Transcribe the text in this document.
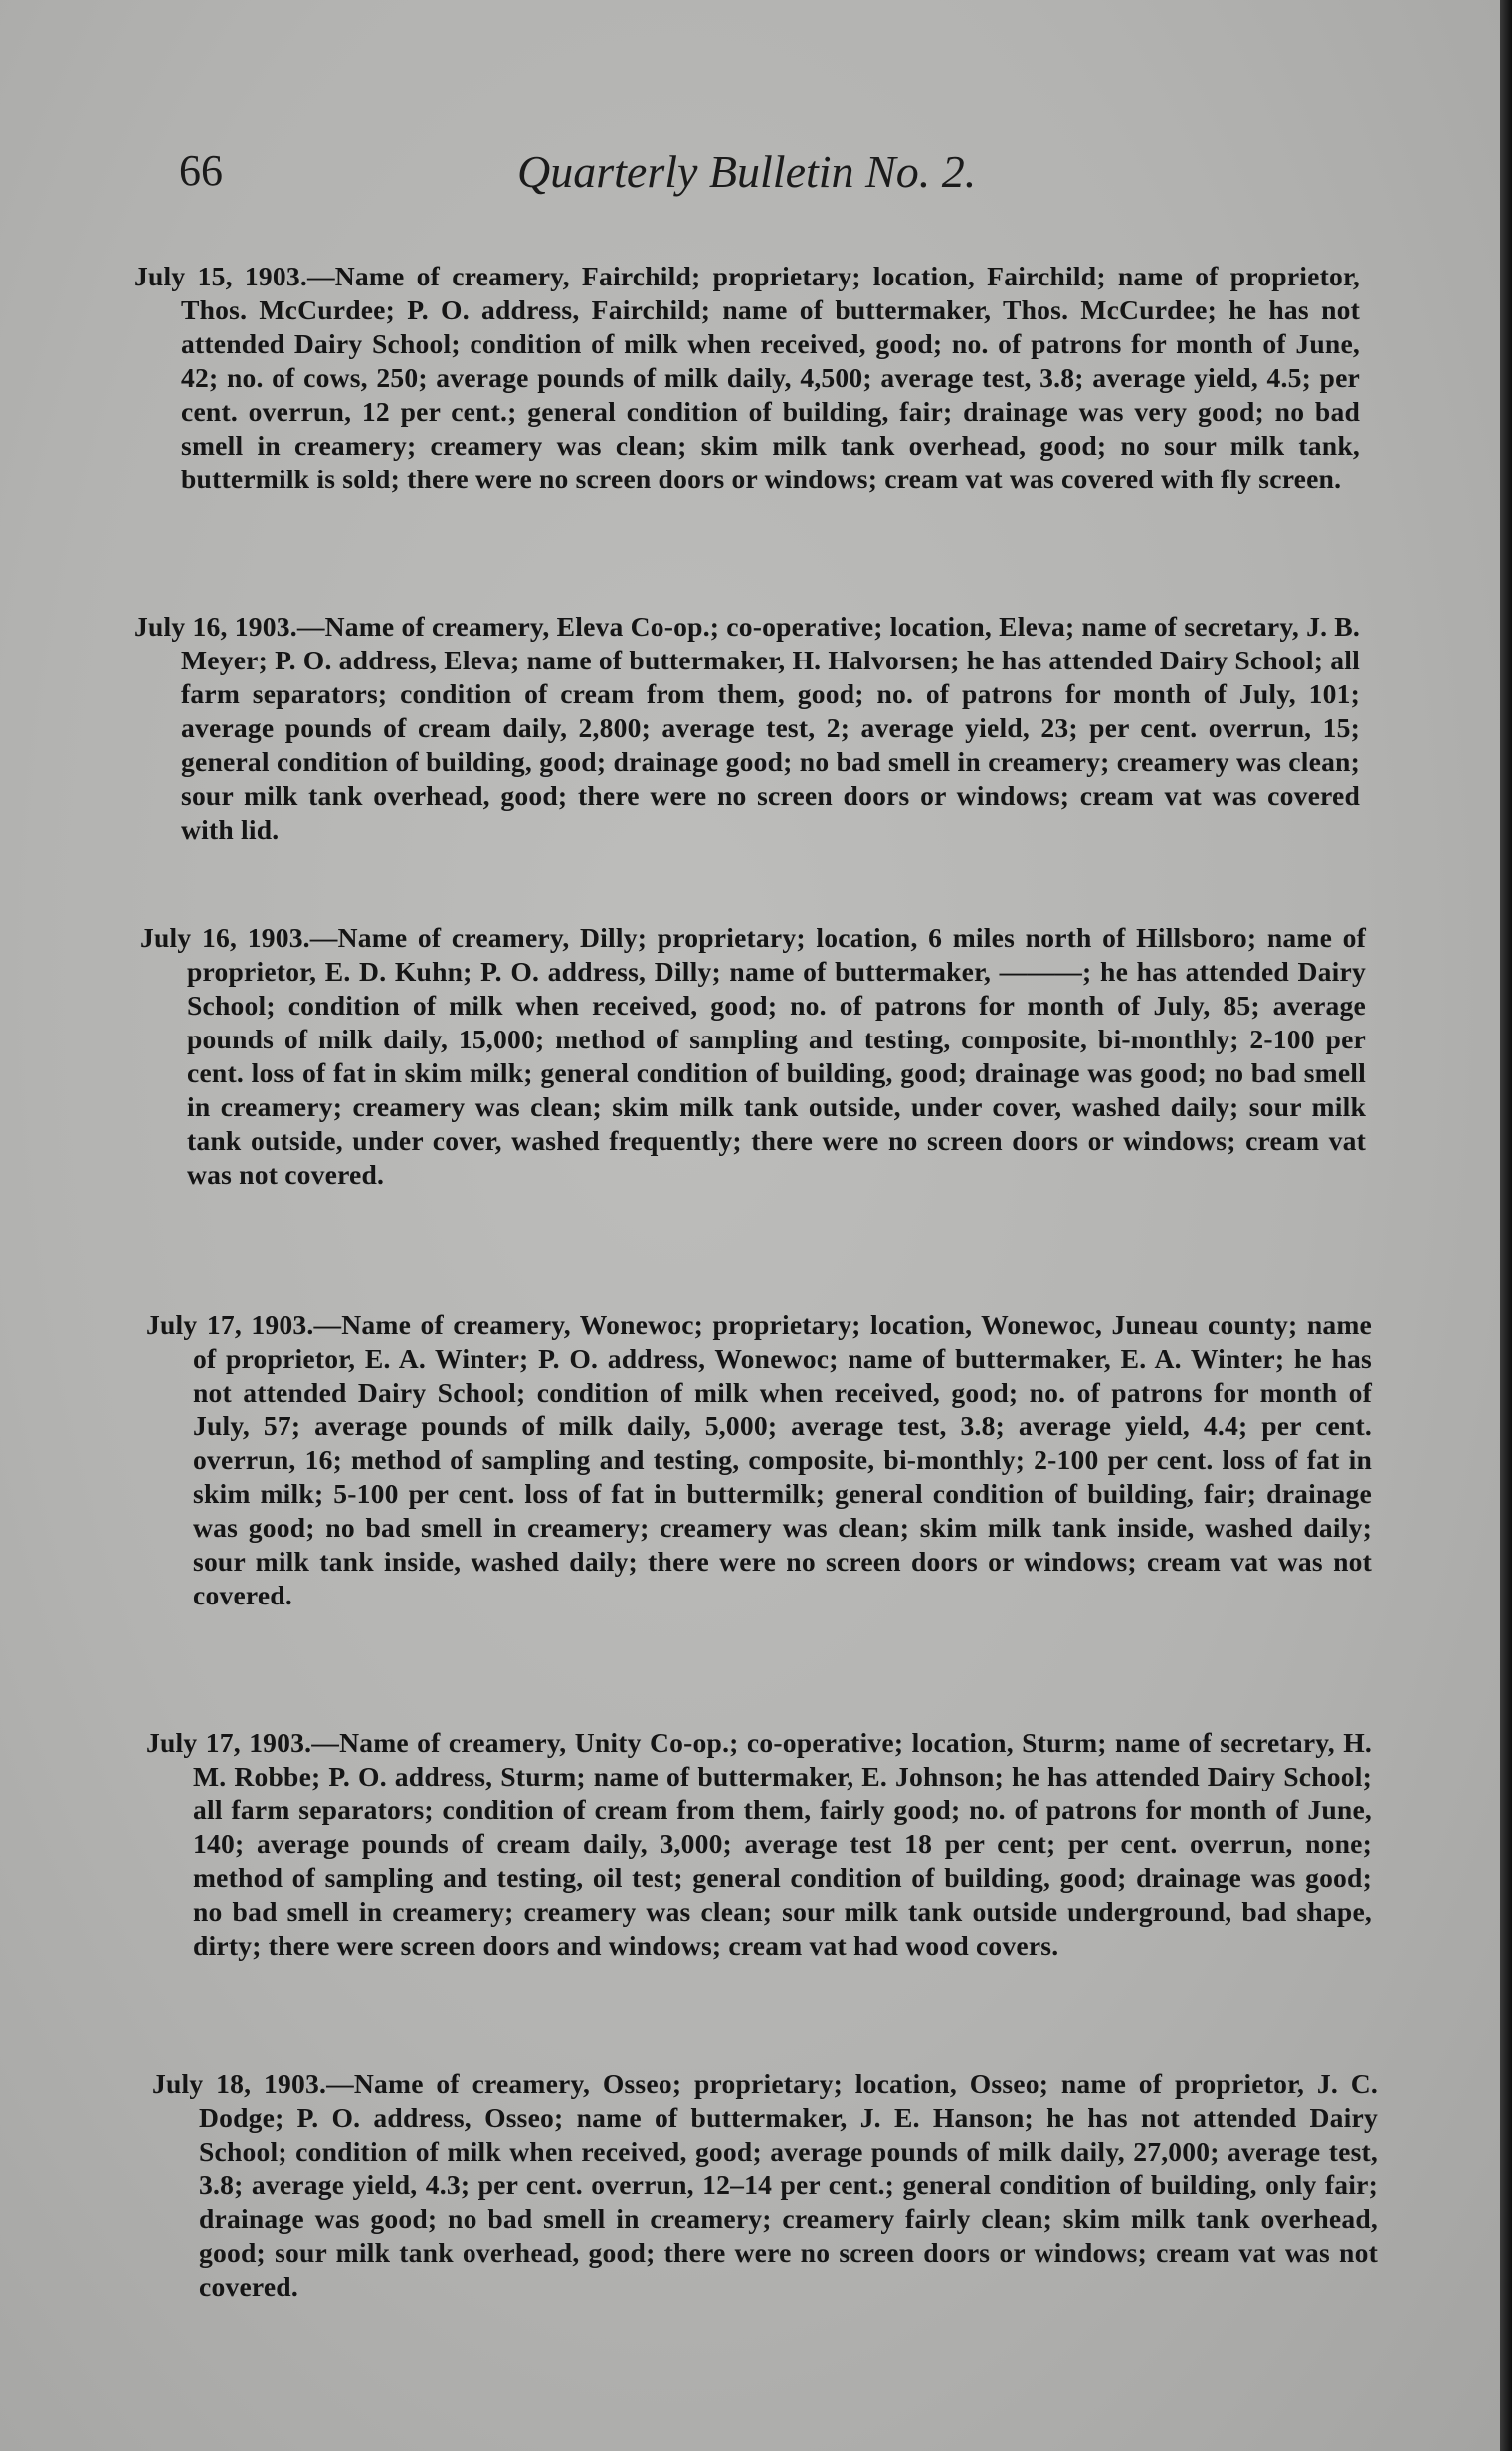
66	Quarterly Bulletin No. 2.

July 15, 1903.—Name of creamery, Fairchild; proprietary; location, Fairchild; name of proprietor, Thos. McCurdee; P. O. address, Fairchild; name of buttermaker, Thos. McCurdee; he has not attended Dairy School; condition of milk when received, good; no. of patrons for month of June, 42; no. of cows, 250; average pounds of milk daily, 4,500; average test, 3.8; average yield, 4.5; per cent. overrun, 12 per cent.; general condition of building, fair; drainage was very good; no bad smell in creamery; creamery was clean; skim milk tank overhead, good; no sour milk tank, buttermilk is sold; there were no screen doors or windows; cream vat was covered with fly screen.

July 16, 1903.—Name of creamery, Eleva Co-op.; co-operative; location, Eleva; name of secretary, J. B. Meyer; P. O. address, Eleva; name of buttermaker, H. Halvorsen; he has attended Dairy School; all farm separators; condition of cream from them, good; no. of patrons for month of July, 101; average pounds of cream daily, 2,800; average test, 2; average yield, 23; per cent. overrun, 15; general condition of building, good; drainage good; no bad smell in creamery; creamery was clean; sour milk tank overhead, good; there were no screen doors or windows; cream vat was covered with lid.

July 16, 1903.—Name of creamery, Dilly; proprietary; location, 6 miles north of Hillsboro; name of proprietor, E. D. Kuhn; P. O. address, Dilly; name of buttermaker, ———; he has attended Dairy School; condition of milk when received, good; no. of patrons for month of July, 85; average pounds of milk daily, 15,000; method of sampling and testing, composite, bi-monthly; 2-100 per cent. loss of fat in skim milk; general condition of building, good; drainage was good; no bad smell in creamery; creamery was clean; skim milk tank outside, under cover, washed daily; sour milk tank outside, under cover, washed frequently; there were no screen doors or windows; cream vat was not covered.

July 17, 1903.—Name of creamery, Wonewoc; proprietary; location, Wonewoc, Juneau county; name of proprietor, E. A. Winter; P. O. address, Wonewoc; name of buttermaker, E. A. Winter; he has not attended Dairy School; condition of milk when received, good; no. of patrons for month of July, 57; average pounds of milk daily, 5,000; average test, 3.8; average yield, 4.4; per cent. overrun, 16; method of sampling and testing, composite, bi-monthly; 2-100 per cent. loss of fat in skim milk; 5-100 per cent. loss of fat in buttermilk; general condition of building, fair; drainage was good; no bad smell in creamery; creamery was clean; skim milk tank inside, washed daily; sour milk tank inside, washed daily; there were no screen doors or windows; cream vat was not covered.

July 17, 1903.—Name of creamery, Unity Co-op.; co-operative; location, Sturm; name of secretary, H. M. Robbe; P. O. address, Sturm; name of buttermaker, E. Johnson; he has attended Dairy School; all farm separators; condition of cream from them, fairly good; no. of patrons for month of June, 140; average pounds of cream daily, 3,000; average test 18 per cent; per cent. overrun, none; method of sampling and testing, oil test; general condition of building, good; drainage was good; no bad smell in creamery; creamery was clean; sour milk tank outside underground, bad shape, dirty; there were screen doors and windows; cream vat had wood covers.

July 18, 1903.—Name of creamery, Osseo; proprietary; location, Osseo; name of proprietor, J. C. Dodge; P. O. address, Osseo; name of buttermaker, J. E. Hanson; he has not attended Dairy School; condition of milk when received, good; average pounds of milk daily, 27,000; average test, 3.8; average yield, 4.3; per cent. overrun, 12–14 per cent.; general condition of building, only fair; drainage was good; no bad smell in creamery; creamery fairly clean; skim milk tank overhead, good; sour milk tank overhead, good; there were no screen doors or windows; cream vat was not covered.
